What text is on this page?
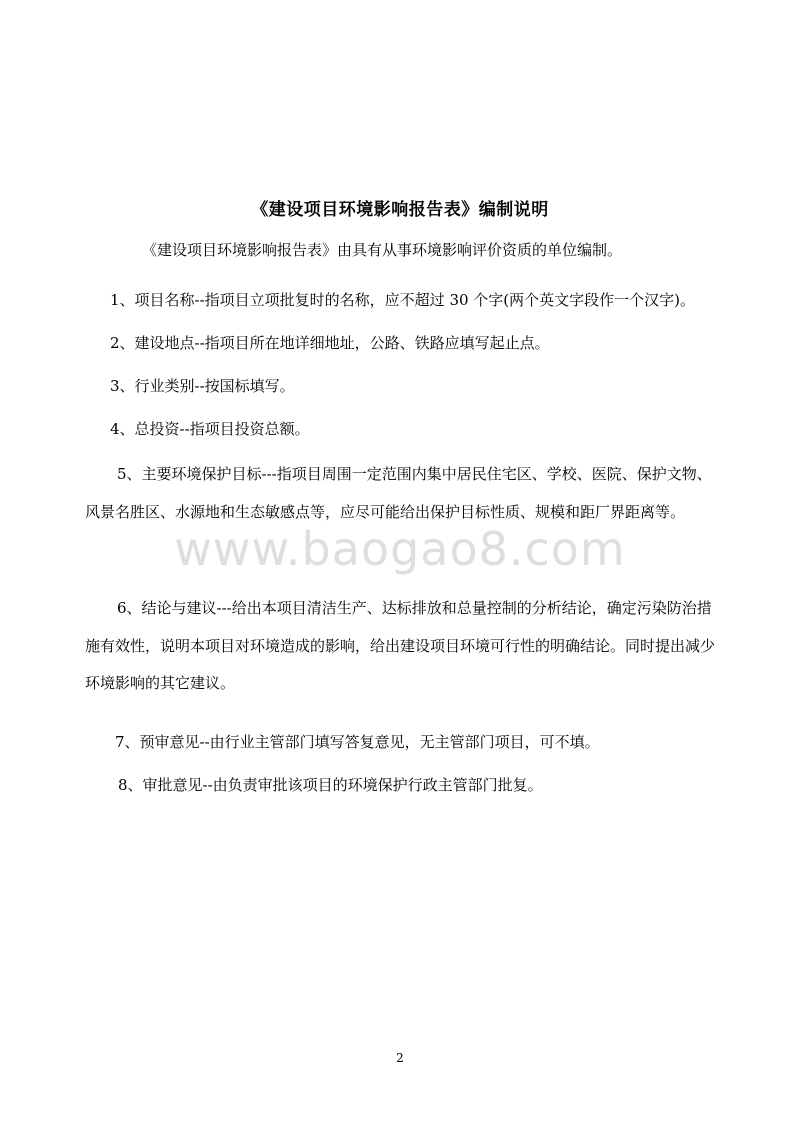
《建设项目环境影响报告表》编制说明
《建设项目环境影响报告表》由具有从事环境影响评价资质的单位编制。
1、项目名称--指项目立项批复时的名称，应不超过 30 个字(两个英文字段作一个汉字)。
2、建设地点--指项目所在地详细地址，公路、铁路应填写起止点。
3、行业类别--按国标填写。
4、总投资--指项目投资总额。
5、主要环境保护目标---指项目周围一定范围内集中居民住宅区、学校、医院、保护文物、风景名胜区、水源地和生态敏感点等，应尽可能给出保护目标性质、规模和距厂界距离等。
www.baogao8.com
6、结论与建议---给出本项目清洁生产、达标排放和总量控制的分析结论，确定污染防治措施有效性，说明本项目对环境造成的影响，给出建设项目环境可行性的明确结论。同时提出减少环境影响的其它建议。
7、预审意见--由行业主管部门填写答复意见，无主管部门项目，可不填。
8、审批意见--由负责审批该项目的环境保护行政主管部门批复。
2
